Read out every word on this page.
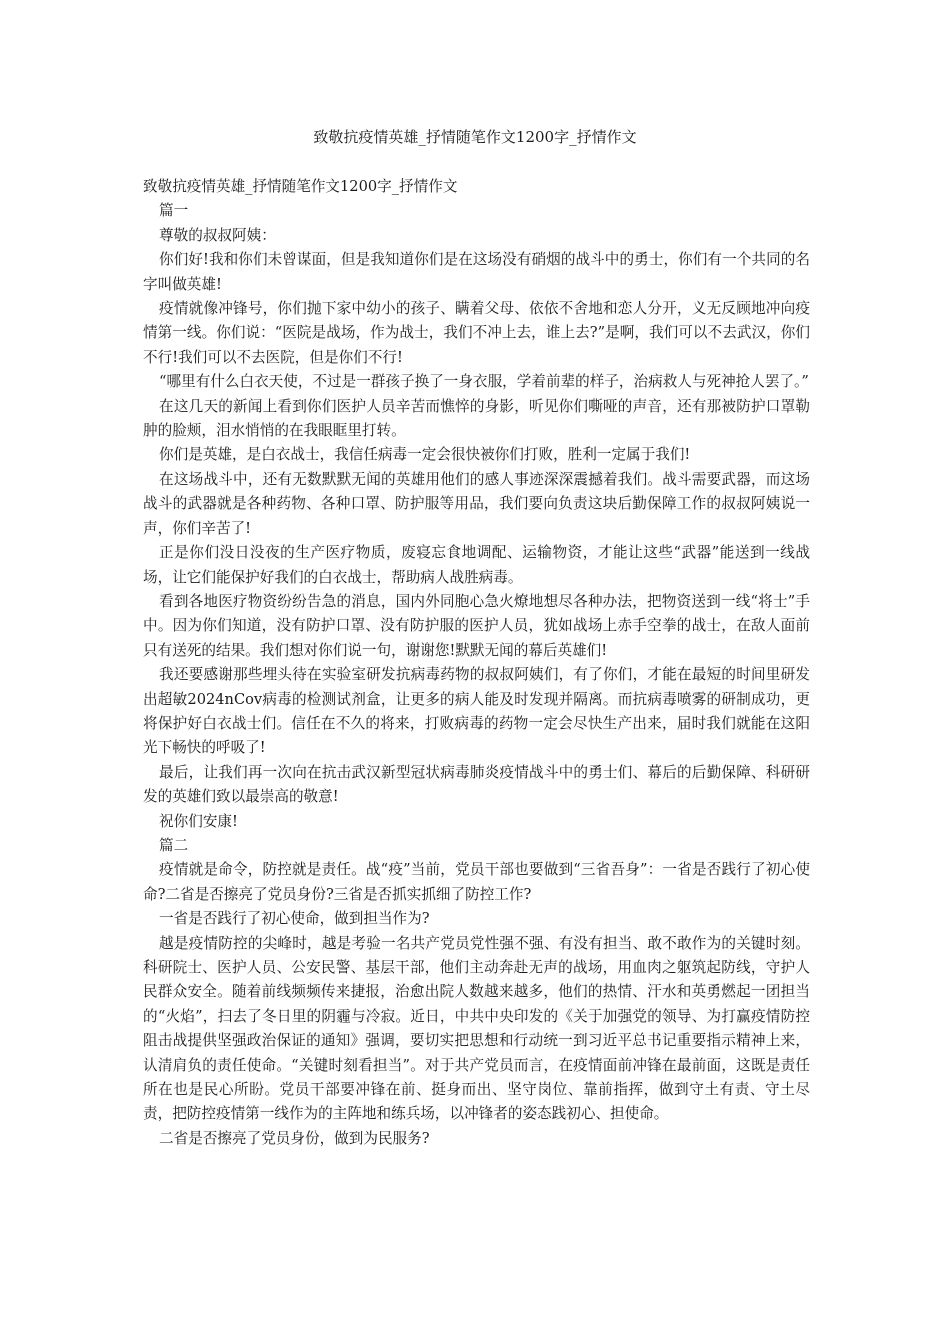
致敬抗疫情英雄_抒情随笔作文1200字_抒情作文

致敬抗疫情英雄_抒情随笔作文1200字_抒情作文

篇一

尊敬的叔叔阿姨：

你们好!我和你们未曾谋面，但是我知道你们是在这场没有硝烟的战斗中的勇士，你们有一个共同的名字叫做英雄!

疫情就像冲锋号，你们抛下家中幼小的孩子、瞒着父母、依依不舍地和恋人分开，义无反顾地冲向疫情第一线。你们说：“医院是战场，作为战士，我们不冲上去，谁上去?”是啊，我们可以不去武汉，你们不行!我们可以不去医院，但是你们不行!

“哪里有什么白衣天使，不过是一群孩子换了一身衣服，学着前辈的样子，治病救人与死神抢人罢了。”

在这几天的新闻上看到你们医护人员辛苦而憔悴的身影，听见你们嘶哑的声音，还有那被防护口罩勒肿的脸颊，泪水悄悄的在我眼眶里打转。

你们是英雄，是白衣战士，我信任病毒一定会很快被你们打败，胜利一定属于我们!

在这场战斗中，还有无数默默无闻的英雄用他们的感人事迹深深震撼着我们。战斗需要武器，而这场战斗的武器就是各种药物、各种口罩、防护服等用品，我们要向负责这块后勤保障工作的叔叔阿姨说一声，你们辛苦了!

正是你们没日没夜的生产医疗物质，废寝忘食地调配、运输物资，才能让这些“武器”能送到一线战场，让它们能保护好我们的白衣战士，帮助病人战胜病毒。

看到各地医疗物资纷纷告急的消息，国内外同胞心急火燎地想尽各种办法，把物资送到一线“将士”手中。因为你们知道，没有防护口罩、没有防护服的医护人员，犹如战场上赤手空拳的战士，在敌人面前只有送死的结果。我们想对你们说一句，谢谢您!默默无闻的幕后英雄们!

我还要感谢那些埋头待在实验室研发抗病毒药物的叔叔阿姨们，有了你们，才能在最短的时间里研发出超敏2024nCov病毒的检测试剂盒，让更多的病人能及时发现并隔离。而抗病毒喷雾的研制成功，更将保护好白衣战士们。信任在不久的将来，打败病毒的药物一定会尽快生产出来，届时我们就能在这阳光下畅快的呼吸了!

最后，让我们再一次向在抗击武汉新型冠状病毒肺炎疫情战斗中的勇士们、幕后的后勤保障、科研研发的英雄们致以最崇高的敬意!

祝你们安康!

篇二

疫情就是命令，防控就是责任。战“疫”当前，党员干部也要做到“三省吾身”：一省是否践行了初心使命?二省是否擦亮了党员身份?三省是否抓实抓细了防控工作?

一省是否践行了初心使命，做到担当作为?

越是疫情防控的尖峰时，越是考验一名共产党员党性强不强、有没有担当、敢不敢作为的关键时刻。科研院士、医护人员、公安民警、基层干部，他们主动奔赴无声的战场，用血肉之躯筑起防线，守护人民群众安全。随着前线频频传来捷报，治愈出院人数越来越多，他们的热情、汗水和英勇燃起一团担当的“火焰”，扫去了冬日里的阴霾与冷寂。近日，中共中央印发的《关于加强党的领导、为打赢疫情防控阻击战提供坚强政治保证的通知》强调，要切实把思想和行动统一到习近平总书记重要指示精神上来，认清肩负的责任使命。“关键时刻看担当”。对于共产党员而言，在疫情面前冲锋在最前面，这既是责任所在也是民心所盼。党员干部要冲锋在前、挺身而出、坚守岗位、靠前指挥，做到守土有责、守土尽责，把防控疫情第一线作为的主阵地和练兵场，以冲锋者的姿态践初心、担使命。

二省是否擦亮了党员身份，做到为民服务?
